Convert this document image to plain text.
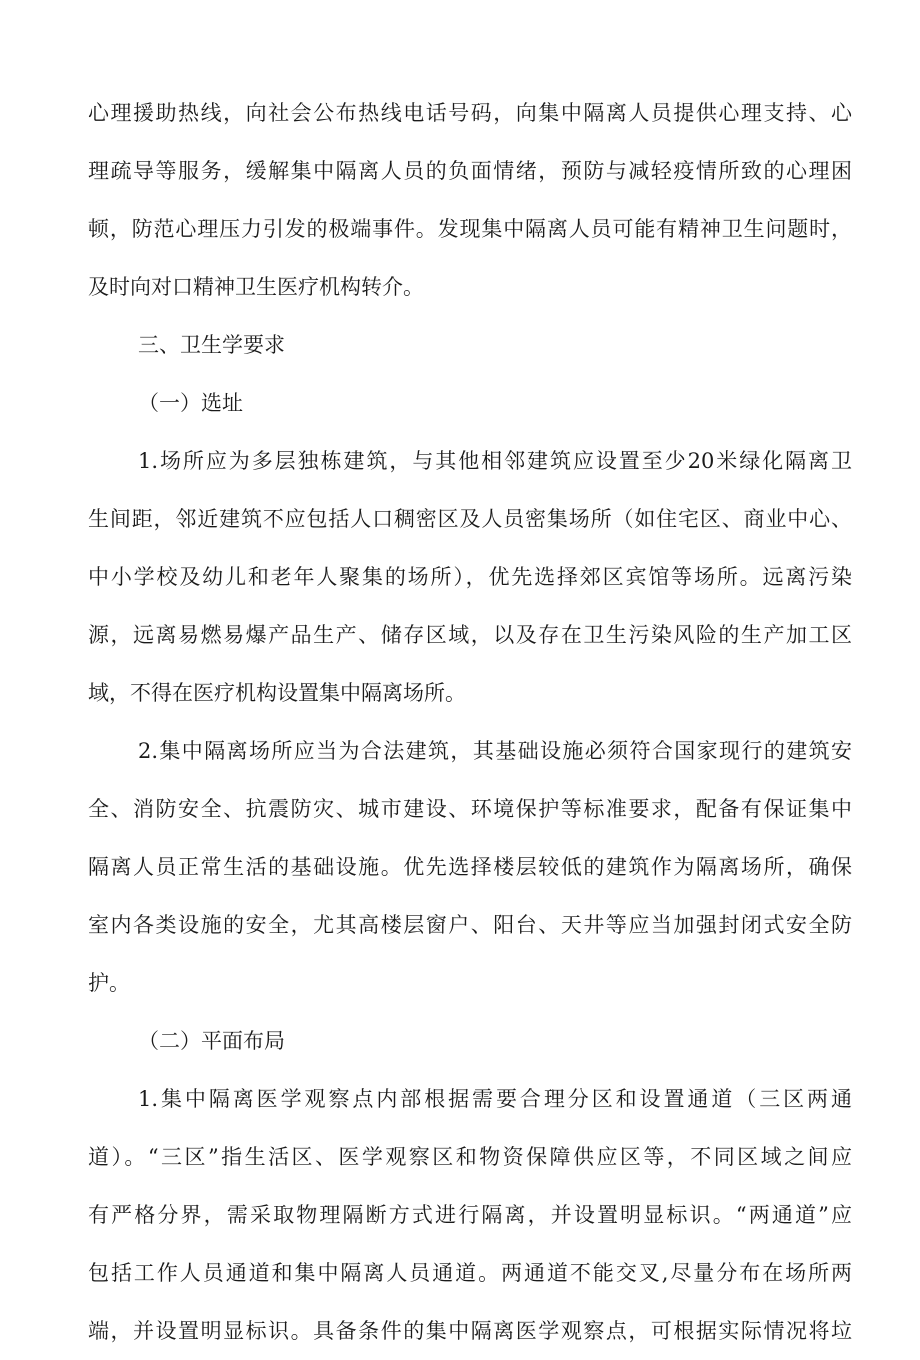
心理援助热线，向社会公布热线电话号码，向集中隔离人员提供心理支持、心
理疏导等服务，缓解集中隔离人员的负面情绪，预防与减轻疫情所致的心理困
顿，防范心理压力引发的极端事件。发现集中隔离人员可能有精神卫生问题时，
及时向对口精神卫生医疗机构转介。
三、卫生学要求
（一）选址
1.场所应为多层独栋建筑，与其他相邻建筑应设置至少20米绿化隔离卫
生间距，邻近建筑不应包括人口稠密区及人员密集场所（如住宅区、商业中心、
中小学校及幼儿和老年人聚集的场所），优先选择郊区宾馆等场所。远离污染
源，远离易燃易爆产品生产、储存区域，以及存在卫生污染风险的生产加工区
域，不得在医疗机构设置集中隔离场所。
2.集中隔离场所应当为合法建筑，其基础设施必须符合国家现行的建筑安
全、消防安全、抗震防灾、城市建设、环境保护等标准要求，配备有保证集中
隔离人员正常生活的基础设施。优先选择楼层较低的建筑作为隔离场所，确保
室内各类设施的安全，尤其高楼层窗户、阳台、天井等应当加强封闭式安全防
护。
（二）平面布局
1.集中隔离医学观察点内部根据需要合理分区和设置通道（三区两通
道）。“三区”指生活区、医学观察区和物资保障供应区等，不同区域之间应
有严格分界，需采取物理隔断方式进行隔离，并设置明显标识。“两通道”应
包括工作人员通道和集中隔离人员通道。两通道不能交叉,尽量分布在场所两
端，并设置明显标识。具备条件的集中隔离医学观察点，可根据实际情况将垃
